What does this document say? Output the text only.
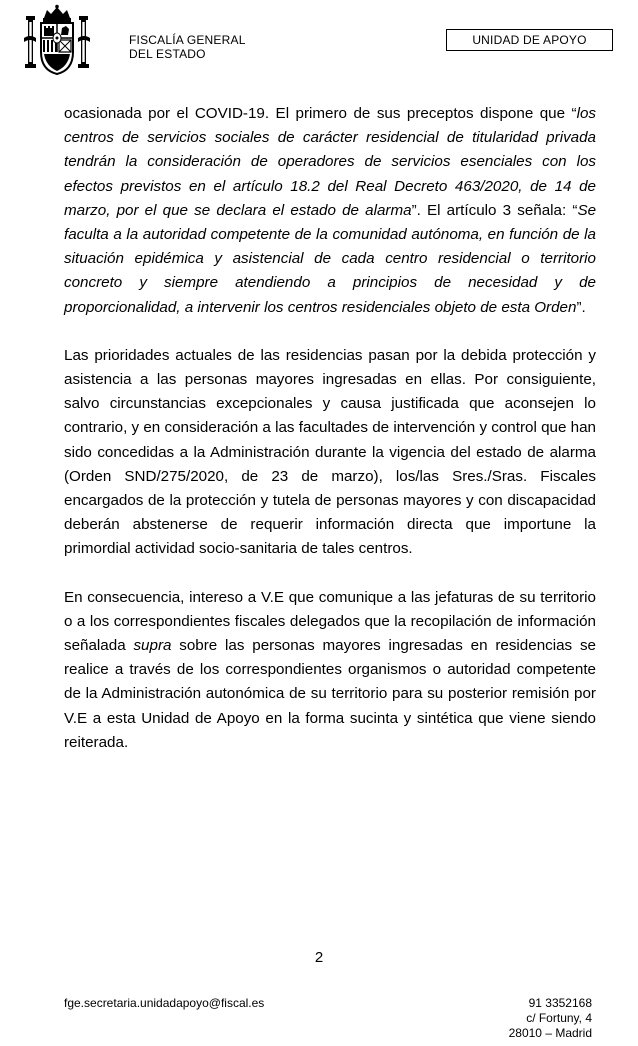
FISCALÍA GENERAL
DEL ESTADO
UNIDAD DE APOYO

ocasionada por el COVID-19. El primero de sus preceptos dispone que “los centros de servicios sociales de carácter residencial de titularidad privada tendrán la consideración de operadores de servicios esenciales con los efectos previstos en el artículo 18.2 del Real Decreto 463/2020, de 14 de marzo, por el que se declara el estado de alarma”. El artículo 3 señala: “Se faculta a la autoridad competente de la comunidad autónoma, en función de la situación epidémica y asistencial de cada centro residencial o territorio concreto y siempre atendiendo a principios de necesidad y de proporcionalidad, a intervenir los centros residenciales objeto de esta Orden”.

Las prioridades actuales de las residencias pasan por la debida protección y asistencia a las personas mayores ingresadas en ellas. Por consiguiente, salvo circunstancias excepcionales y causa justificada que aconsejen lo contrario, y en consideración a las facultades de intervención y control que han sido concedidas a la Administración durante la vigencia del estado de alarma (Orden SND/275/2020, de 23 de marzo), los/las Sres./Sras. Fiscales encargados de la protección y tutela de personas mayores y con discapacidad deberán abstenerse de requerir información directa que importune la primordial actividad socio-sanitaria de tales centros.

En consecuencia, intereso a V.E que comunique a las jefaturas de su territorio o a los correspondientes fiscales delegados que la recopilación de información señalada supra sobre las personas mayores ingresadas en residencias se realice a través de los correspondientes organismos o autoridad competente de la Administración autonómica de su territorio para su posterior remisión por V.E a esta Unidad de Apoyo en la forma sucinta y sintética que viene siendo reiterada.

2
fge.secretaria.unidadapoyo@fiscal.es	91 3352168
c/ Fortuny, 4
28010 – Madrid
